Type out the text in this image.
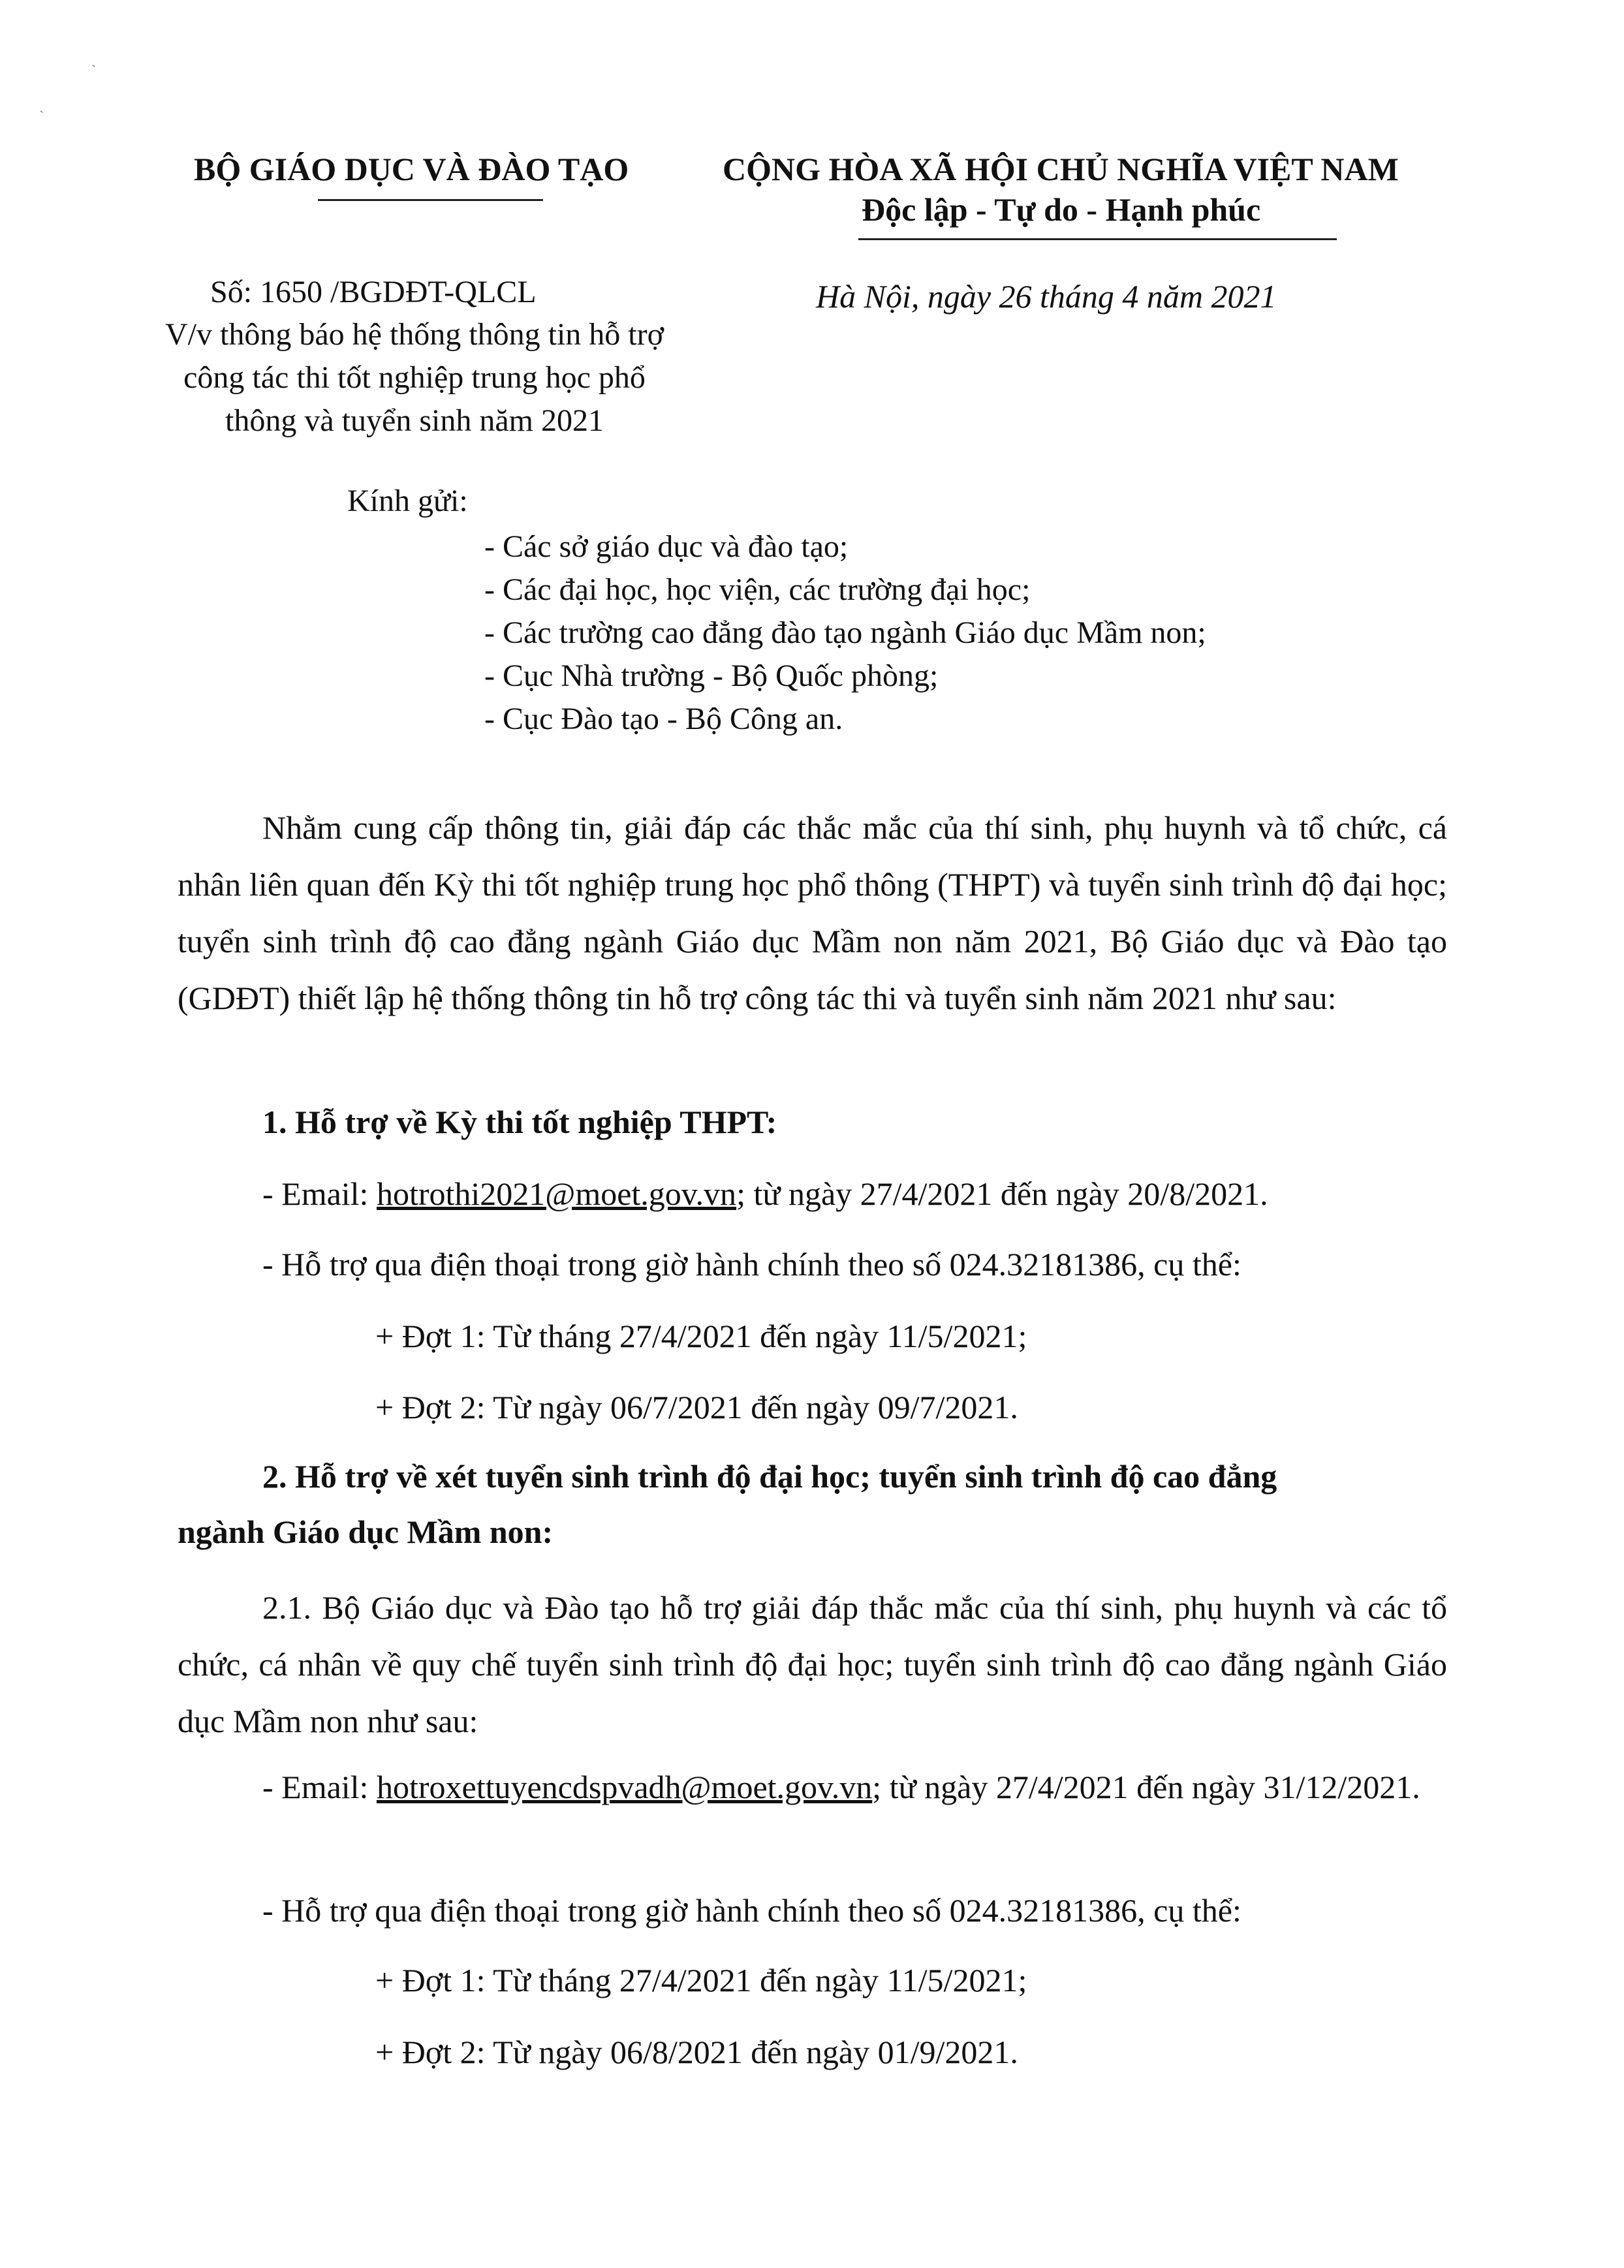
ˎ
ˏ
BỘ GIÁO DỤC VÀ ĐÀO TẠO	CỘNG HÒA XÃ HỘI CHỦ NGHĨA VIỆT NAM
Độc lập - Tự do - Hạnh phúc
Số: 1650 /BGDĐT-QLCL
V/v thông báo hệ thống thông tin hỗ trợ công tác thi tốt nghiệp trung học phổ thông và tuyển sinh năm 2021
Hà Nội, ngày 26 tháng 4 năm 2021
Kính gửi:
- Các sở giáo dục và đào tạo;
- Các đại học, học viện, các trường đại học;
- Các trường cao đẳng đào tạo ngành Giáo dục Mầm non;
- Cục Nhà trường - Bộ Quốc phòng;
- Cục Đào tạo - Bộ Công an.
Nhằm cung cấp thông tin, giải đáp các thắc mắc của thí sinh, phụ huynh và tổ chức, cá nhân liên quan đến Kỳ thi tốt nghiệp trung học phổ thông (THPT) và tuyển sinh trình độ đại học; tuyển sinh trình độ cao đẳng ngành Giáo dục Mầm non năm 2021, Bộ Giáo dục và Đào tạo (GDĐT) thiết lập hệ thống thông tin hỗ trợ công tác thi và tuyển sinh năm 2021 như sau:
1. Hỗ trợ về Kỳ thi tốt nghiệp THPT:
- Email: hotrothi2021@moet.gov.vn; từ ngày 27/4/2021 đến ngày 20/8/2021.
- Hỗ trợ qua điện thoại trong giờ hành chính theo số 024.32181386, cụ thể:
+ Đợt 1: Từ tháng 27/4/2021 đến ngày 11/5/2021;
+ Đợt 2: Từ ngày 06/7/2021 đến ngày 09/7/2021.
2. Hỗ trợ về xét tuyển sinh trình độ đại học; tuyển sinh trình độ cao đẳng
ngành Giáo dục Mầm non:
2.1. Bộ Giáo dục và Đào tạo hỗ trợ giải đáp thắc mắc của thí sinh, phụ huynh và các tổ chức, cá nhân về quy chế tuyển sinh trình độ đại học; tuyển sinh trình độ cao đẳng ngành Giáo dục Mầm non như sau:
- Email: hotroxettuyencdspvadh@moet.gov.vn; từ ngày 27/4/2021 đến ngày 31/12/2021.
- Hỗ trợ qua điện thoại trong giờ hành chính theo số 024.32181386, cụ thể:
+ Đợt 1: Từ tháng 27/4/2021 đến ngày 11/5/2021;
+ Đợt 2: Từ ngày 06/8/2021 đến ngày 01/9/2021.
